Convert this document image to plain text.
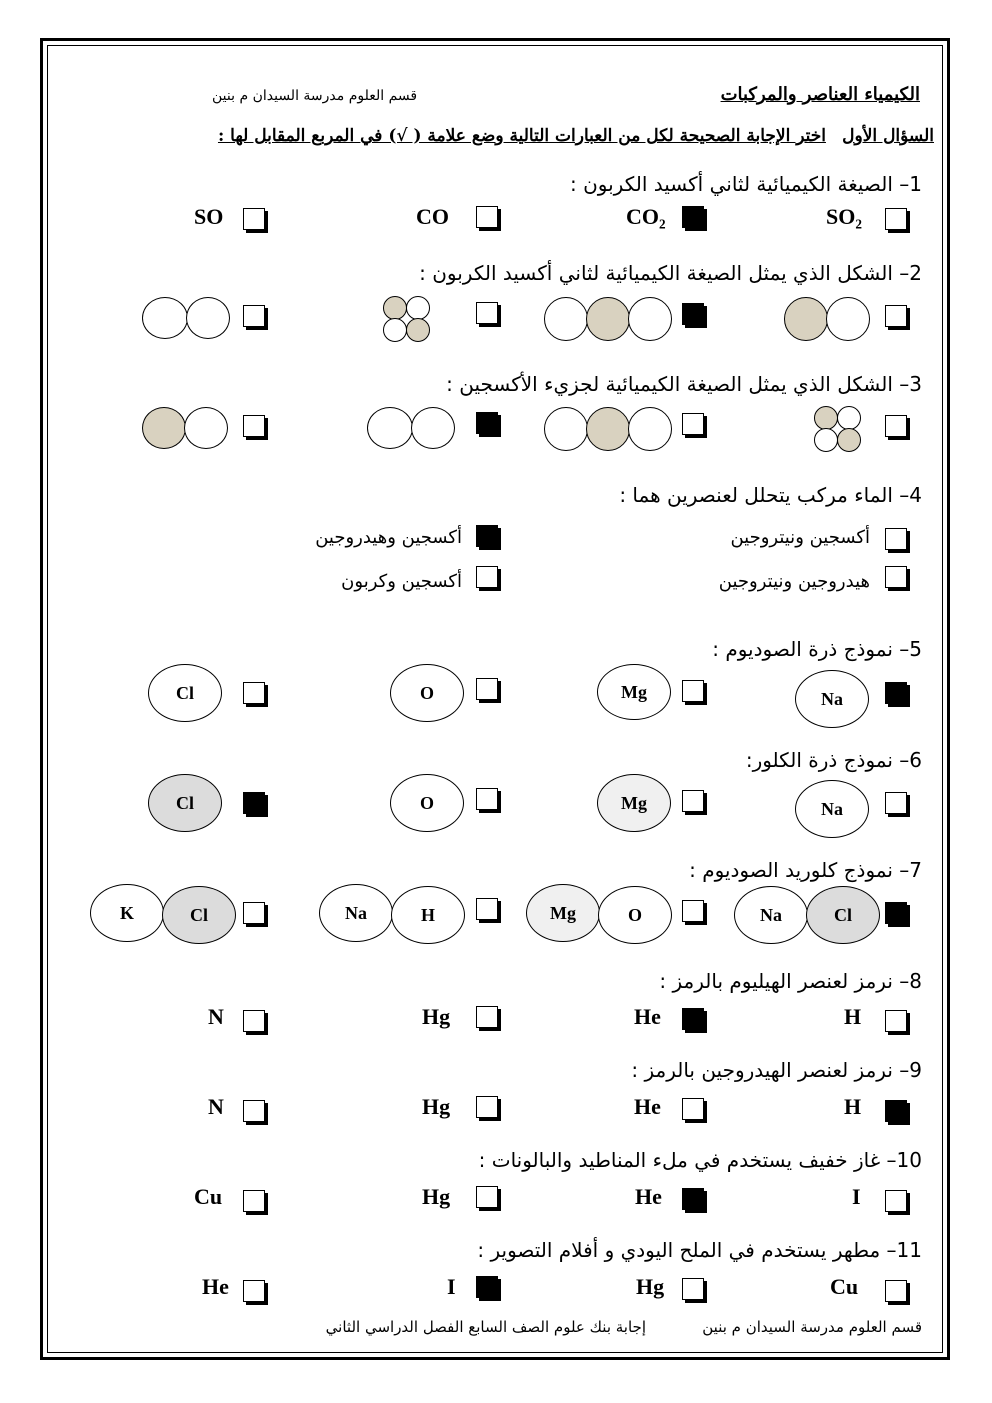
الكيمياء العناصر والمركبات
قسم العلوم مدرسة السيدان م بنين
السؤال الأول  اختر الإجابة الصحيحة لكل من العبارات التالية وضع علامة ( √) في المربع المقابل لها :
1– الصيغة الكيميائية لثاني أكسيد الكربون :
SO₂
CO₂
CO
SO
2– الشكل الذي يمثل الصيغة الكيميائية لثاني أكسيد الكربون :
3– الشكل الذي يمثل الصيغة الكيميائية لجزيء الأكسجين :
4– الماء مركب يتحلل لعنصرين هما :
أكسجين ونيتروجين
أكسجين وهيدروجين
هيدروجين ونيتروجين
أكسجين وكربون
5– نموذج ذرة الصوديوم :
Na
Mg
O
Cl
6– نموذج ذرة الكلور:
Na
Mg
O
Cl
7– نموذج كلوريد الصوديوم :
Na	Cl
Mg	O
Na	H
K	Cl
8– نرمز لعنصر الهيليوم بالرمز :
H
He
Hg
N
9– نرمز لعنصر الهيدروجين بالرمز :
H
He
Hg
N
10– غاز خفيف يستخدم في ملء المناطيد والبالونات :
I
He
Hg
Cu
11– مطهر يستخدم في الملح اليودي و أفلام التصوير :
Cu
Hg
I
He
قسم العلوم مدرسة السيدان م بنين
إجابة بنك علوم الصف السابع الفصل الدراسي الثاني
